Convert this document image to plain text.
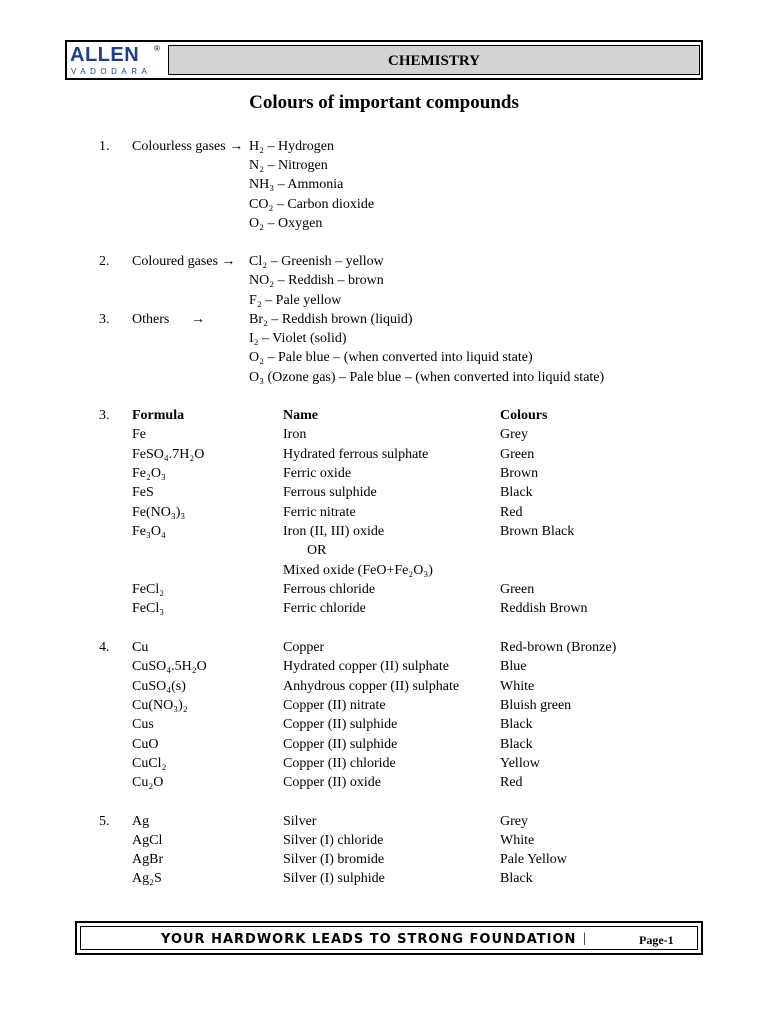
ALLEN ®
VADODARA
CHEMISTRY
Colours of important compounds
1. Colourless gases → H₂ – Hydrogen
N₂ – Nitrogen
NH₃ – Ammonia
CO₂ – Carbon dioxide
O₂ – Oxygen
2. Coloured gases → Cl₂ – Greenish – yellow
NO₂ – Reddish – brown
F₂ – Pale yellow
3. Others →	Br₂ – Reddish brown (liquid)
I₂ – Violet (solid)
O₂ – Pale blue – (when converted into liquid state)
O₃ (Ozone gas) – Pale blue – (when converted into liquid state)
3. Formula	Name	Colours
Fe	Iron	Grey
FeSO₄.7H₂O	Hydrated ferrous sulphate	Green
Fe₂O₃	Ferric oxide	Brown
FeS	Ferrous sulphide	Black
Fe(NO₃)₃	Ferric nitrate	Red
Fe₃O₄	Iron (II, III) oxide	Brown Black
OR
Mixed oxide (FeO+Fe₂O₃)
FeCl₂	Ferrous chloride	Green
FeCl₃	Ferric chloride	Reddish Brown
4. Cu	Copper	Red-brown (Bronze)
CuSO₄.5H₂O	Hydrated copper (II) sulphate	Blue
CuSO₄(s)	Anhydrous copper (II) sulphate	White
Cu(NO₃)₂	Copper (II) nitrate	Bluish green
Cus	Copper (II) sulphide	Black
CuO	Copper (II) sulphide	Black
CuCl₂	Copper (II) chloride	Yellow
Cu₂O	Copper (II) oxide	Red
5. Ag	Silver	Grey
AgCl	Silver (I) chloride	White
AgBr	Silver (I) bromide	Pale Yellow
Ag₂S	Silver (I) sulphide	Black
YOUR HARDWORK LEADS TO STRONG FOUNDATION |	Page-1
